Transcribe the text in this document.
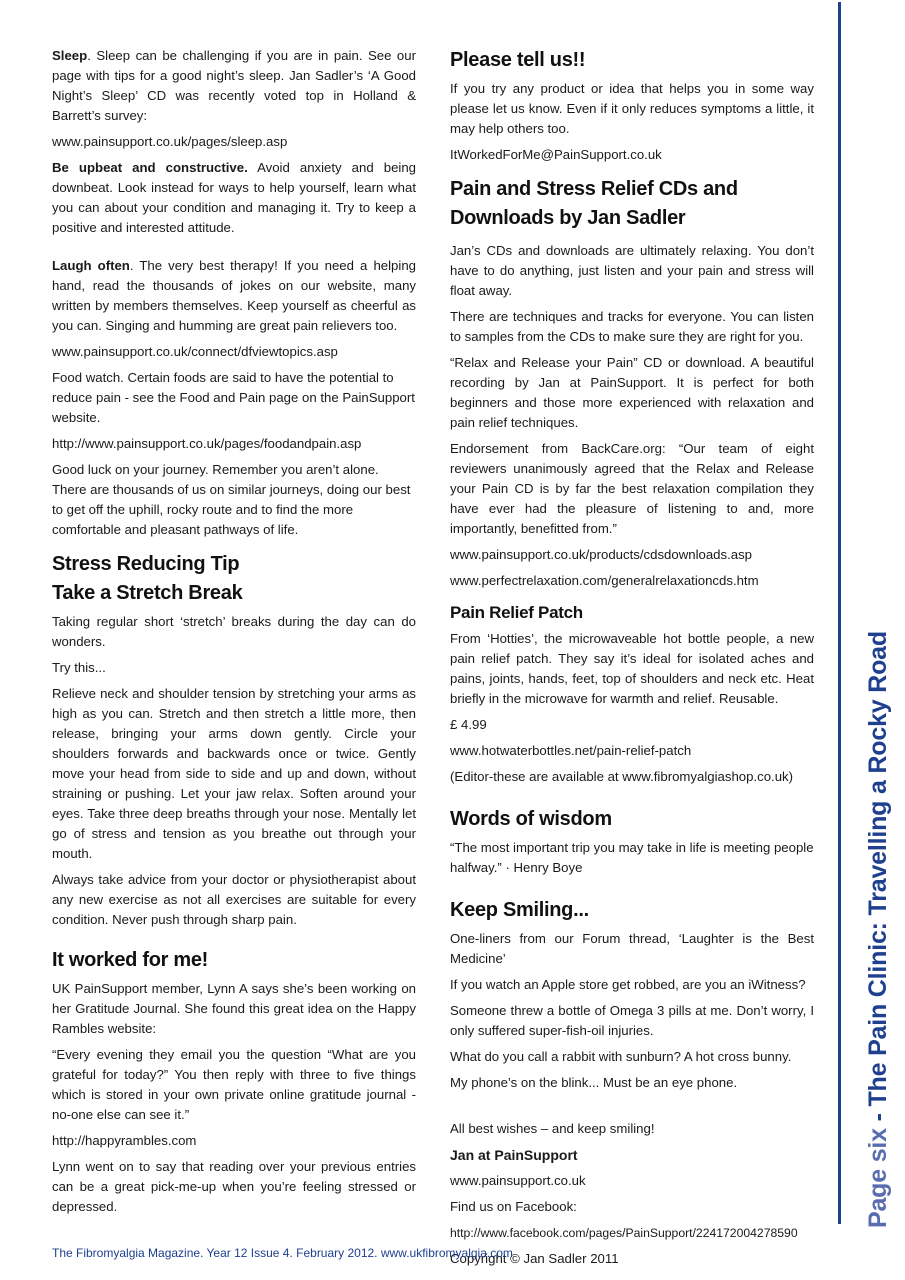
Sleep. Sleep can be challenging if you are in pain. See our page with tips for a good night’s sleep. Jan Sadler’s ‘A Good Night’s Sleep’ CD was recently voted top in Holland & Barrett’s survey:

www.painsupport.co.uk/pages/sleep.asp

Be upbeat and constructive. Avoid anxiety and being downbeat. Look instead for ways to help yourself, learn what you can about your condition and managing it. Try to keep a positive and interested attitude.

Laugh often. The very best therapy! If you need a helping hand, read the thousands of jokes on our website, many written by members themselves. Keep yourself as cheerful as you can. Singing and humming are great pain relievers too.

www.painsupport.co.uk/connect/dfviewtopics.asp

Food watch. Certain foods are said to have the potential to reduce pain - see the Food and Pain page on the PainSupport website.

http://www.painsupport.co.uk/pages/foodandpain.asp

Good luck on your journey. Remember you aren’t alone. There are thousands of us on similar journeys, doing our best to get off the uphill, rocky route and to find the more comfortable and pleasant pathways of life.

Stress Reducing Tip
Take a Stretch Break

Taking regular short ‘stretch’ breaks during the day can do wonders.

Try this...

Relieve neck and shoulder tension by stretching your arms as high as you can. Stretch and then stretch a little more, then release, bringing your arms down gently. Circle your shoulders forwards and backwards once or twice. Gently move your head from side to side and up and down, without straining or pushing. Let your jaw relax. Soften around your eyes. Take three deep breaths through your nose. Mentally let go of stress and tension as you breathe out through your mouth.

Always take advice from your doctor or physiotherapist about any new exercise as not all exercises are suitable for every condition. Never push through sharp pain.

It worked for me!

UK PainSupport member, Lynn A says she’s been working on her Gratitude Journal. She found this great idea on the Happy Rambles website:

“Every evening they email you the question “What are you grateful for today?” You then reply with three to five things which is stored in your own private online gratitude journal - no-one else can see it.”

http://happyrambles.com

Lynn went on to say that reading over your previous entries can be a great pick-me-up when you’re feeling stressed or depressed.

Please tell us!!

If you try any product or idea that helps you in some way please let us know. Even if it only reduces symptoms a little, it may help others too.

ItWorkedForMe@PainSupport.co.uk

Pain and Stress Relief CDs and
Downloads by Jan Sadler

Jan’s CDs and downloads are ultimately relaxing. You don’t have to do anything, just listen and your pain and stress will float away.

There are techniques and tracks for everyone. You can listen to samples from the CDs to make sure they are right for you.

“Relax and Release your Pain” CD or download. A beautiful recording by Jan at PainSupport. It is perfect for both beginners and those more experienced with relaxation and pain relief techniques.

Endorsement from BackCare.org: “Our team of eight reviewers unanimously agreed that the Relax and Release your Pain CD is by far the best relaxation compilation they have ever had the pleasure of listening to and, more importantly, benefitted from.”

www.painsupport.co.uk/products/cdsdownloads.asp

www.perfectrelaxation.com/generalrelaxationcds.htm

Pain Relief Patch

From ‘Hotties’, the microwaveable hot bottle people, a new pain relief patch. They say it’s ideal for isolated aches and pains, joints, hands, feet, top of shoulders and neck etc. Heat briefly in the microwave for warmth and relief. Reusable.

£ 4.99

www.hotwaterbottles.net/pain-relief-patch

(Editor-these are available at www.fibromyalgiashop.co.uk)

Words of wisdom

“The most important trip you may take in life is meeting people halfway.” · Henry Boye

Keep Smiling...

One-liners from our Forum thread, ‘Laughter is the Best Medicine’

If you watch an Apple store get robbed, are you an iWitness?

Someone threw a bottle of Omega 3 pills at me. Don’t worry, I only suffered super-fish-oil injuries.

What do you call a rabbit with sunburn? A hot cross bunny.

My phone’s on the blink... Must be an eye phone.

All best wishes – and keep smiling!

Jan at PainSupport

www.painsupport.co.uk

Find us on Facebook:

http://www.facebook.com/pages/PainSupport/224172004278590

Copyright © Jan Sadler 2011

Page six - The Pain Clinic: Travelling a Rocky Road
The Fibromyalgia Magazine. Year 12 Issue 4. February 2012. www.ukfibromyalgia.com
